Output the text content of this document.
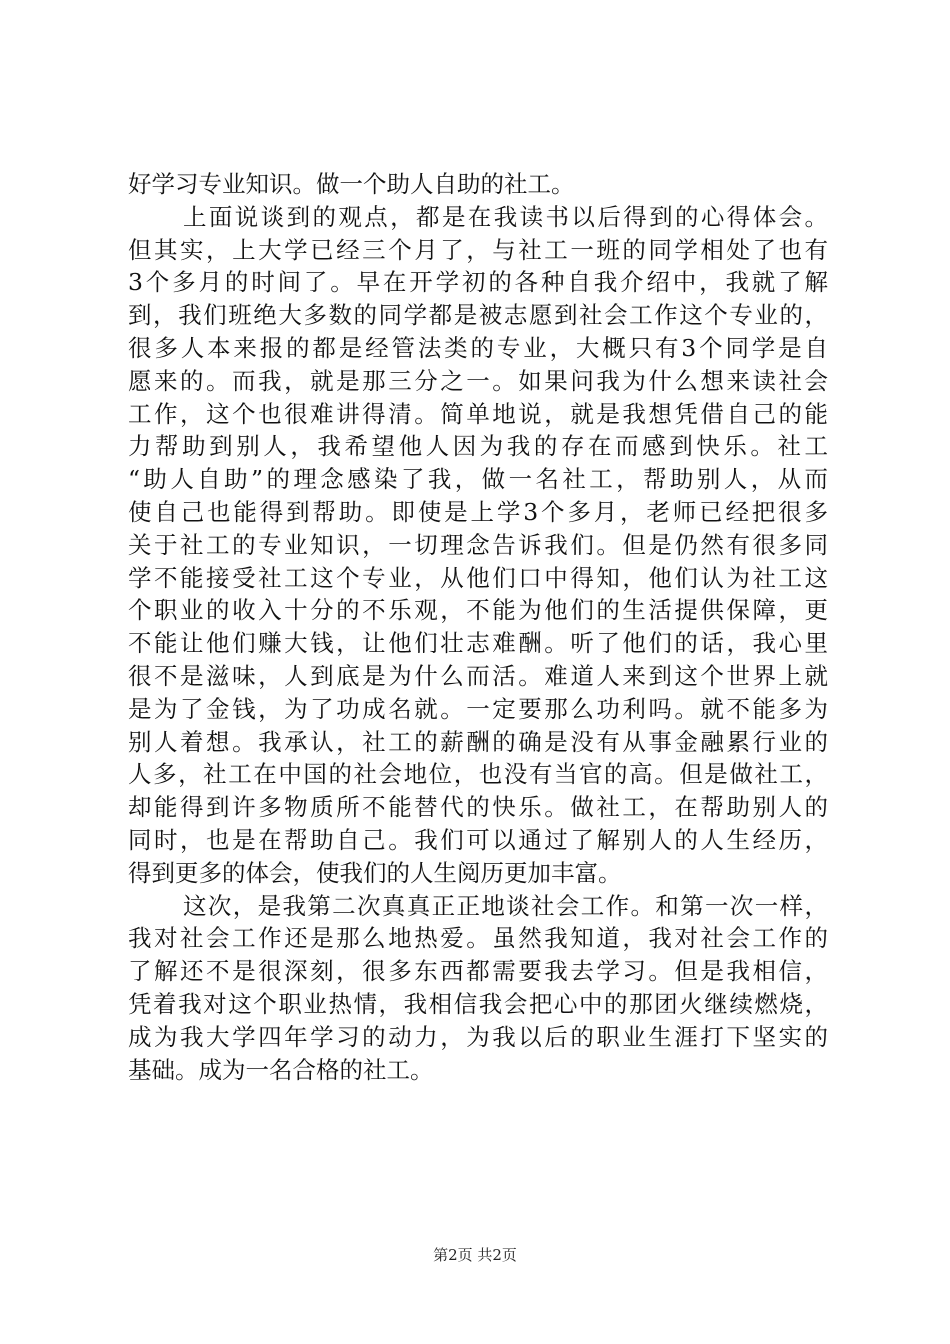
好学习专业知识。做一个助人自助的社工。
上面说谈到的观点，都是在我读书以后得到的心得体会。
但其实，上大学已经三个月了，与社工一班的同学相处了也有
3个多月的时间了。早在开学初的各种自我介绍中，我就了解
到，我们班绝大多数的同学都是被志愿到社会工作这个专业的，
很多人本来报的都是经管法类的专业，大概只有3个同学是自
愿来的。而我，就是那三分之一。如果问我为什么想来读社会
工作，这个也很难讲得清。简单地说，就是我想凭借自己的能
力帮助到别人，我希望他人因为我的存在而感到快乐。社工
“助人自助”的理念感染了我，做一名社工，帮助别人，从而
使自己也能得到帮助。即使是上学3个多月，老师已经把很多
关于社工的专业知识，一切理念告诉我们。但是仍然有很多同
学不能接受社工这个专业，从他们口中得知，他们认为社工这
个职业的收入十分的不乐观，不能为他们的生活提供保障，更
不能让他们赚大钱，让他们壮志难酬。听了他们的话，我心里
很不是滋味，人到底是为什么而活。难道人来到这个世界上就
是为了金钱，为了功成名就。一定要那么功利吗。就不能多为
别人着想。我承认，社工的薪酬的确是没有从事金融累行业的
人多，社工在中国的社会地位，也没有当官的高。但是做社工，
却能得到许多物质所不能替代的快乐。做社工，在帮助别人的
同时，也是在帮助自己。我们可以通过了解别人的人生经历，
得到更多的体会，使我们的人生阅历更加丰富。
这次，是我第二次真真正正地谈社会工作。和第一次一样，
我对社会工作还是那么地热爱。虽然我知道，我对社会工作的
了解还不是很深刻，很多东西都需要我去学习。但是我相信，
凭着我对这个职业热情，我相信我会把心中的那团火继续燃烧，
成为我大学四年学习的动力，为我以后的职业生涯打下坚实的
基础。成为一名合格的社工。
第2页 共2页
